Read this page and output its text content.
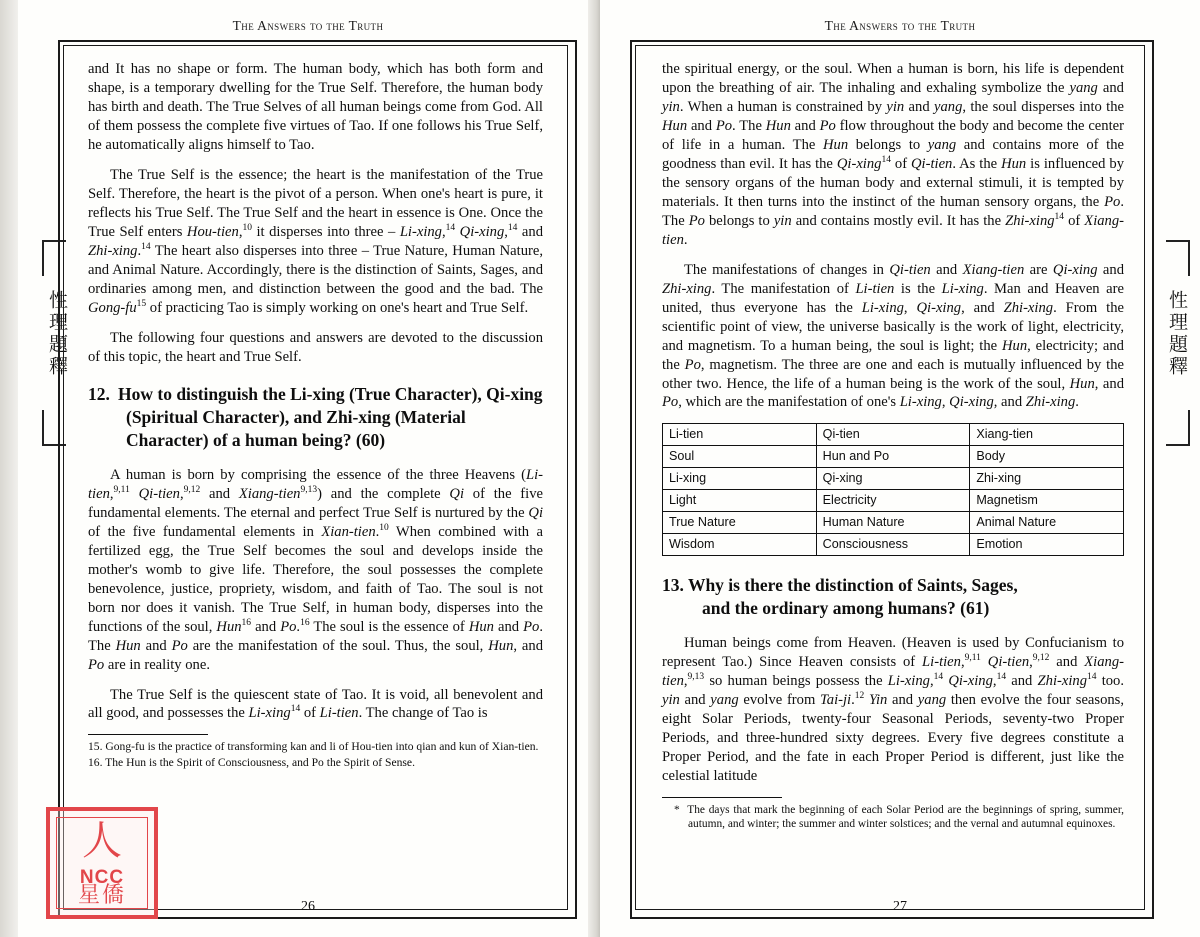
The Answers to the Truth
性理題釋

and It has no shape or form. The human body, which has both form and shape, is a temporary dwelling for the True Self. Therefore, the human body has birth and death. The True Selves of all human beings come from God. All of them possess the complete five virtues of Tao. If one follows his True Self, he automatically aligns himself to Tao.

The True Self is the essence; the heart is the manifestation of the True Self. Therefore, the heart is the pivot of a person. When one's heart is pure, it reflects his True Self. The True Self and the heart in essence is One. Once the True Self enters Hou-tien,$^{10}$ it disperses into three – Li-xing,$^{14}$ Qi-xing,$^{14}$ and Zhi-xing.$^{14}$ The heart also disperses into three – True Nature, Human Nature, and Animal Nature. Accordingly, there is the distinction of Saints, Sages, and ordinaries among men, and distinction between the good and the bad. The Gong-$fu^{15}$ of practicing Tao is simply working on one's heart and True Self.

The following four questions and answers are devoted to the discussion of this topic, the heart and True Self.

12. How to distinguish the Li-xing (True Character), Qi-xing (Spiritual Character), and Zhi-xing (Material Character) of a human being? (60)

A human is born by comprising the essence of the three Heavens (Li-tien,$^{9,11}$ Qi-tien,$^{9,12}$ and Xiang-tien$^{9,13}$) and the complete Qi of the five fundamental elements. The eternal and perfect True Self is nurtured by the Qi of the five fundamental elements in Xian-tien.$^{10}$ When combined with a fertilized egg, the True Self becomes the soul and develops inside the mother's womb to give life. Therefore, the soul possesses the complete benevolence, justice, propriety, wisdom, and faith of Tao. The soul is not born nor does it vanish. The True Self, in human body, disperses into the functions of the soul, Hun$^{16}$ and Po.$^{16}$ The soul is the essence of Hun and Po. The Hun and Po are the manifestation of the soul. Thus, the soul, Hun, and Po are in reality one.

The True Self is the quiescent state of Tao. It is void, all benevolent and all good, and possesses the Li-xing$^{14}$ of Li-tien. The change of Tao is

15. Gong-fu is the practice of transforming kan and li of Hou-tien into qian and kun of Xian-tien.
16. The Hun is the Spirit of Consciousness, and Po the Spirit of Sense.
26
人
NCC
星僑
The Answers to the Truth
性理題釋

the spiritual energy, or the soul. When a human is born, his life is dependent upon the breathing of air. The inhaling and exhaling symbolize the yang and yin. When a human is constrained by yin and yang, the soul disperses into the Hun and Po. The Hun and Po flow throughout the body and become the center of life in a human. The Hun belongs to yang and contains more of the goodness than evil. It has the Qi-xing$^{14}$ of Qi-tien. As the Hun is influenced by the sensory organs of the human body and external stimuli, it is tempted by materials. It then turns into the instinct of the human sensory organs, the Po. The Po belongs to yin and contains mostly evil. It has the Zhi-xing$^{14}$ of Xiang-tien.

The manifestations of changes in Qi-tien and Xiang-tien are Qi-xing and Zhi-xing. The manifestation of Li-tien is the Li-xing. Man and Heaven are united, thus everyone has the Li-xing, Qi-xing, and Zhi-xing. From the scientific point of view, the universe basically is the work of light, electricity, and magnetism. To a human being, the soul is light; the Hun, electricity; and the Po, magnetism. The three are one and each is mutually influenced by the other two. Hence, the life of a human being is the work of the soul, Hun, and Po, which are the manifestation of one's Li-xing, Qi-xing, and Zhi-xing.

Li-tien	Qi-tien	Xiang-tien
Soul	Hun and Po	Body
Li-xing	Qi-xing	Zhi-xing
Light	Electricity	Magnetism
True Nature	Human Nature	Animal Nature
Wisdom	Consciousness	Emotion
13. Why is there the distinction of Saints, Sages,
and the ordinary among humans? (61)

Human beings come from Heaven. (Heaven is used by Confucianism to represent Tao.) Since Heaven consists of Li-tien,$^{9,11}$ Qi-tien,$^{9,12}$ and Xiang-tien,$^{9,13}$ so human beings possess the Li-xing,$^{14}$ Qi-xing,$^{14}$ and Zhi-xing$^{14}$ too. yin and yang evolve from Tai-ji.$^{12}$ Yin and yang then evolve the four seasons, eight Solar Periods, twenty-four Seasonal Periods, seventy-two Proper Periods, and three-hundred sixty degrees. Every five degrees constitute a Proper Period, and the fate in each Proper Period is different, just like the celestial latitude

* The days that mark the beginning of each Solar Period are the beginnings of spring, summer, autumn, and winter; the summer and winter solstices; and the vernal and autumnal equinoxes.
27
